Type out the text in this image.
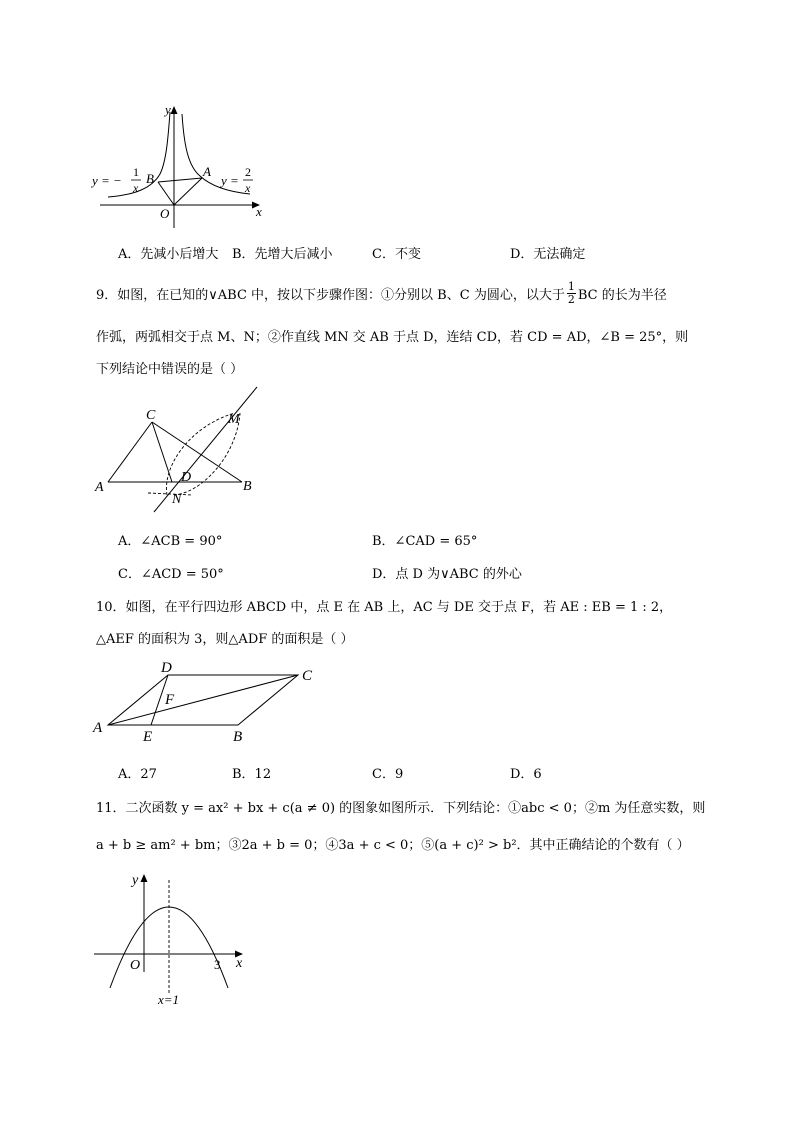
y
x
O
A
B
y = −
1
x	y =
2
x
A．先减小后增大 B．先增大后减小	C．不变	D．无法确定
9．如图，在已知的∨ABC 中，按以下步骤作图：①分别以 B、C 为圆心，以大于 $\frac{1}{2}$ BC 的长为半径
作弧，两弧相交于点 M、N；②作直线 MN 交 AB 于点 D，连结 CD，若 CD = AD，∠B = 25°，则
下列结论中错误的是（ ）
A	B
C
D
M
N
A．∠ACB = 90°	B．∠CAD = 65°
C．∠ACD = 50°	D．点 D 为∨ABC 的外心
10．如图，在平行四边形 ABCD 中，点 E 在 AB 上，AC 与 DE 交于点 F，若 AE : EB = 1 : 2，
△AEF 的面积为 3，则△ADF 的面积是（ ）
A
B
C
D
E
F
A．27	B．12	C．9	D．6
11．二次函数 y = ax² + bx + c(a ≠ 0) 的图象如图所示．下列结论：①abc < 0；②m 为任意实数，则
a + b ≥ am² + bm；③2a + b = 0；④3a + c < 0；⑤(a + c)² > b²．其中正确结论的个数有（ ）
y
x
O	3
x=1
